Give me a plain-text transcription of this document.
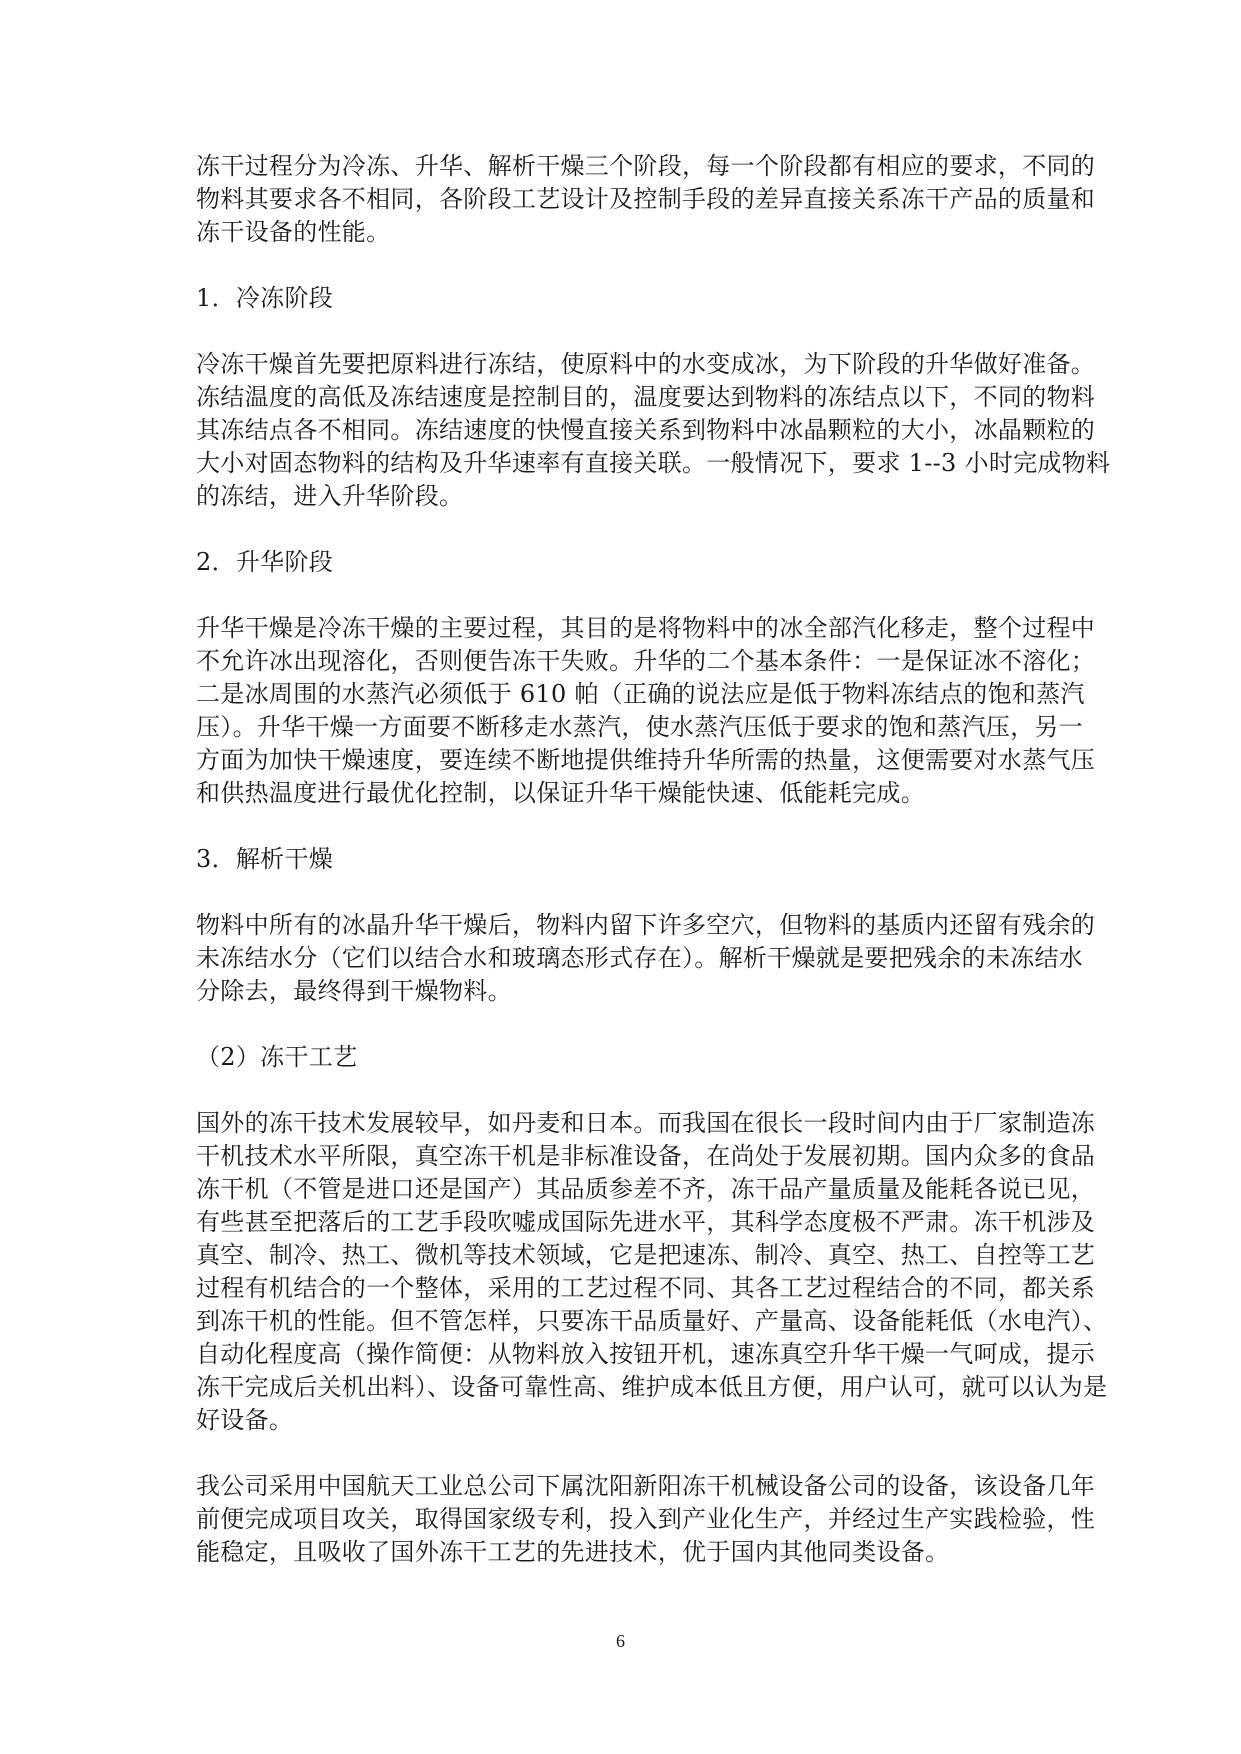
冻干过程分为冷冻、升华、解析干燥三个阶段，每一个阶段都有相应的要求，不同的
物料其要求各不相同，各阶段工艺设计及控制手段的差异直接关系冻干产品的质量和
冻干设备的性能。

1．冷冻阶段

冷冻干燥首先要把原料进行冻结，使原料中的水变成冰，为下阶段的升华做好准备。
冻结温度的高低及冻结速度是控制目的，温度要达到物料的冻结点以下，不同的物料
其冻结点各不相同。冻结速度的快慢直接关系到物料中冰晶颗粒的大小，冰晶颗粒的
大小对固态物料的结构及升华速率有直接关联。一般情况下，要求 1--3 小时完成物料
的冻结，进入升华阶段。

2．升华阶段

升华干燥是冷冻干燥的主要过程，其目的是将物料中的冰全部汽化移走，整个过程中
不允许冰出现溶化，否则便告冻干失败。升华的二个基本条件：一是保证冰不溶化；
二是冰周围的水蒸汽必须低于 610 帕（正确的说法应是低于物料冻结点的饱和蒸汽
压）。升华干燥一方面要不断移走水蒸汽，使水蒸汽压低于要求的饱和蒸汽压，另一
方面为加快干燥速度，要连续不断地提供维持升华所需的热量，这便需要对水蒸气压
和供热温度进行最优化控制，以保证升华干燥能快速、低能耗完成。

3．解析干燥

物料中所有的冰晶升华干燥后，物料内留下许多空穴，但物料的基质内还留有残余的
未冻结水分（它们以结合水和玻璃态形式存在）。解析干燥就是要把残余的未冻结水
分除去，最终得到干燥物料。

（2）冻干工艺

国外的冻干技术发展较早，如丹麦和日本。而我国在很长一段时间内由于厂家制造冻
干机技术水平所限，真空冻干机是非标准设备，在尚处于发展初期。国内众多的食品
冻干机（不管是进口还是国产）其品质参差不齐，冻干品产量质量及能耗各说已见，
有些甚至把落后的工艺手段吹嘘成国际先进水平，其科学态度极不严肃。冻干机涉及
真空、制冷、热工、微机等技术领域，它是把速冻、制冷、真空、热工、自控等工艺
过程有机结合的一个整体，采用的工艺过程不同、其各工艺过程结合的不同，都关系
到冻干机的性能。但不管怎样，只要冻干品质量好、产量高、设备能耗低（水电汽）、
自动化程度高（操作简便：从物料放入按钮开机，速冻真空升华干燥一气呵成，提示
冻干完成后关机出料）、设备可靠性高、维护成本低且方便，用户认可，就可以认为是
好设备。

我公司采用中国航天工业总公司下属沈阳新阳冻干机械设备公司的设备，该设备几年
前便完成项目攻关，取得国家级专利，投入到产业化生产，并经过生产实践检验，性
能稳定，且吸收了国外冻干工艺的先进技术，优于国内其他同类设备。

6
